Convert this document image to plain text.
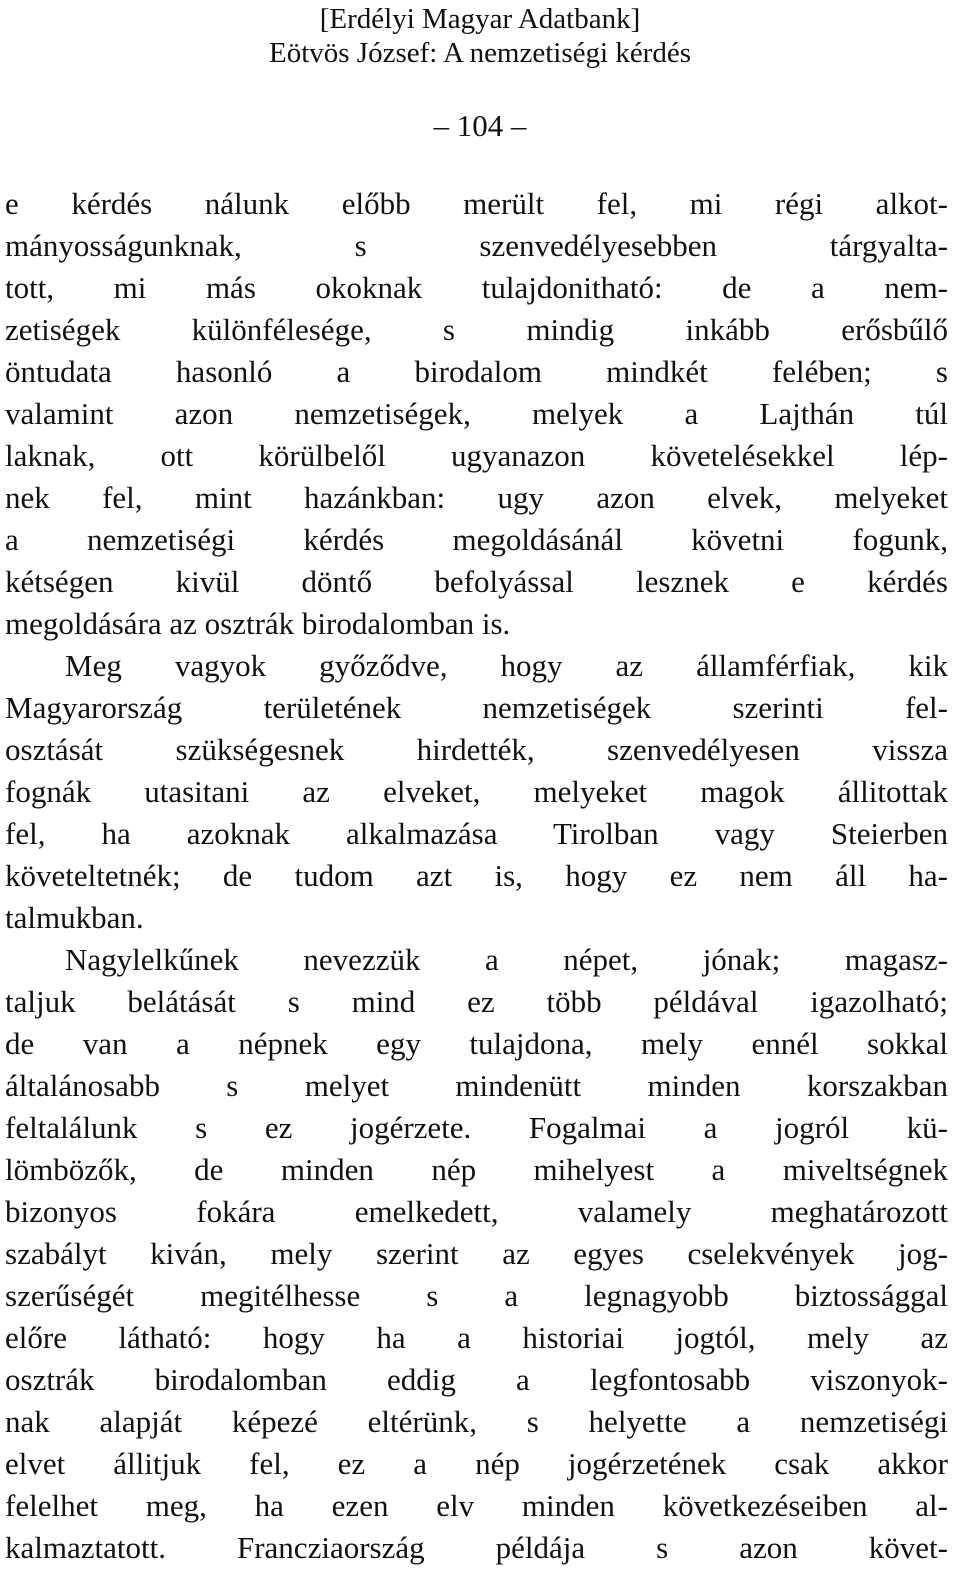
[Erdélyi Magyar Adatbank]
Eötvös József: A nemzetiségi kérdés
– 104 –
e kérdés nálunk előbb merült fel, mi régi alkot-
mányosságunknak, s szenvedélyesebben tárgyalta-
tott, mi más okoknak tulajdonitható: de a nem-
zetiségek különfélesége, s mindig inkább erősbűlő
öntudata hasonló a birodalom mindkét felében; s
valamint azon nemzetiségek, melyek a Lajthán túl
laknak, ott körülbelől ugyanazon követelésekkel lép-
nek fel, mint hazánkban: ugy azon elvek, melyeket
a nemzetiségi kérdés megoldásánál követni fogunk,
kétségen kivül döntő befolyással lesznek e kérdés
megoldására az osztrák birodalomban is.
Meg vagyok győződve, hogy az államférfiak, kik
Magyarország területének nemzetiségek szerinti fel-
osztását szükségesnek hirdették, szenvedélyesen vissza
fognák utasitani az elveket, melyeket magok állitottak
fel, ha azoknak alkalmazása Tirolban vagy Steierben
követeltetnék; de tudom azt is, hogy ez nem áll ha-
talmukban.
Nagylelkűnek nevezzük a népet, jónak; magasz-
taljuk belátását s mind ez több példával igazolható;
de van a népnek egy tulajdona, mely ennél sokkal
általánosabb s melyet mindenütt minden korszakban
feltalálunk s ez jogérzete. Fogalmai a jogról kü-
lömbözők, de minden nép mihelyest a miveltségnek
bizonyos fokára emelkedett, valamely meghatározott
szabályt kiván, mely szerint az egyes cselekvények jog-
szerűségét megitélhesse s a legnagyobb biztossággal
előre látható: hogy ha a historiai jogtól, mely az
osztrák birodalomban eddig a legfontosabb viszonyok-
nak alapját képezé eltérünk, s helyette a nemzetiségi
elvet állitjuk fel, ez a nép jogérzetének csak akkor
felelhet meg, ha ezen elv minden következéseiben al-
kalmaztatott. Francziaország példája s azon követ-
